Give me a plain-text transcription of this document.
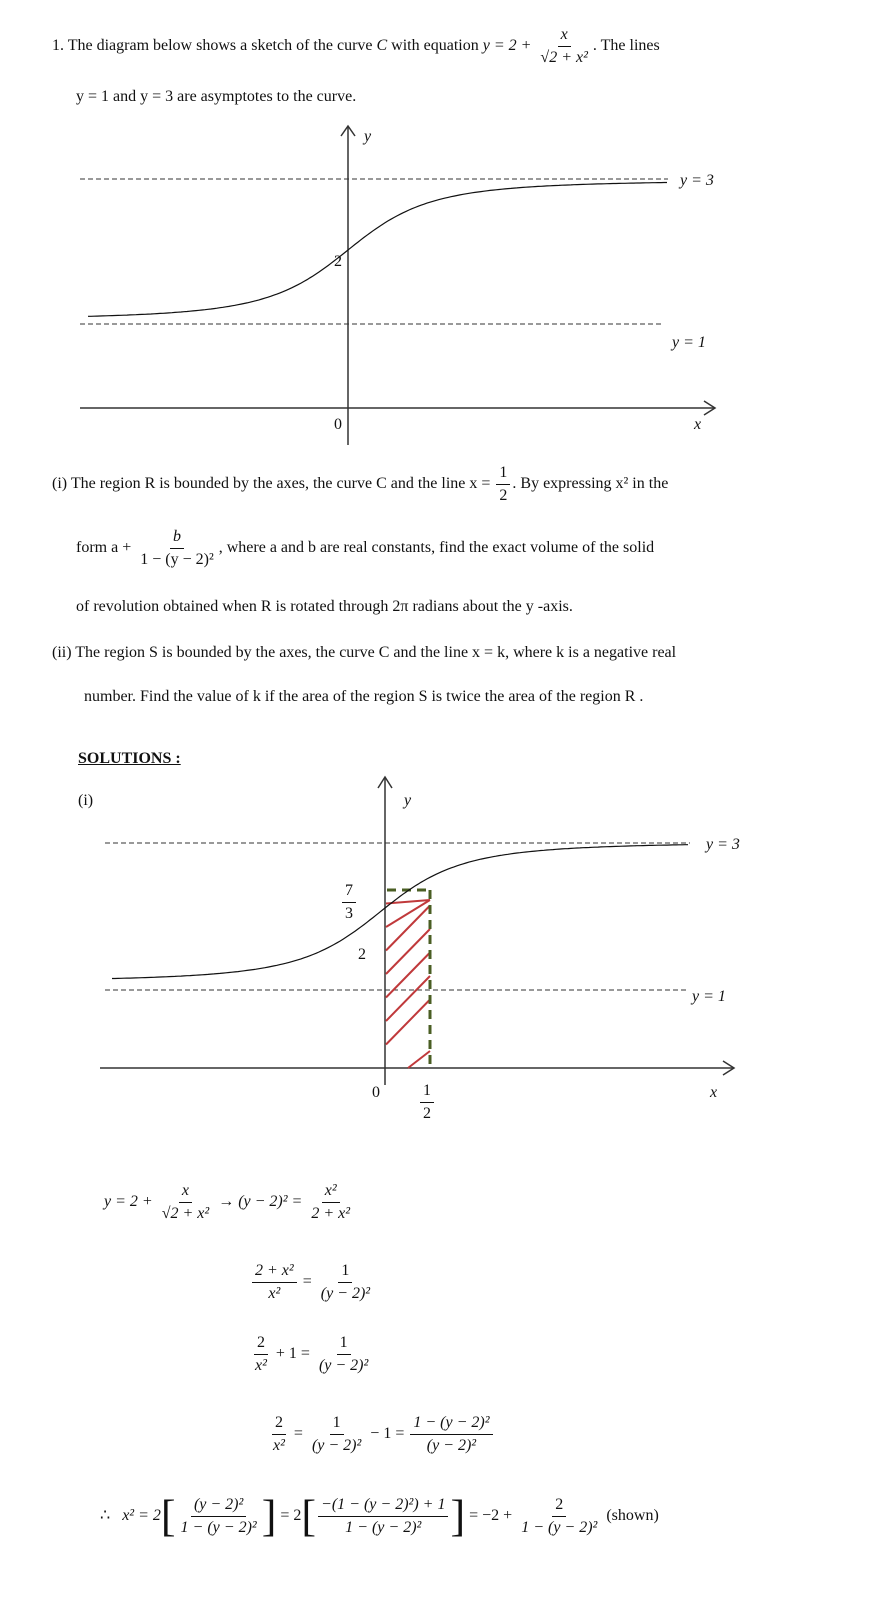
1. The diagram below shows a sketch of the curve C with equation $y = 2 + \frac{x}{\text{√2 + x²}}$ . The lines
y = 1 and y = 3 are asymptotes to the curve.
y
2
0
y = 3
y = 1
x
(i) The region R is bounded by the axes, the curve C and the line $x = \frac{1}{2}$ . By expressing x² in the
form $a + \frac{b}{\text{1 − (y − 2)²}}$ , where a and b are real constants, find the exact volume of the solid
of revolution obtained when R is rotated through 2π radians about the y -axis.
(ii) The region S is bounded by the axes, the curve C and the line x = k, where k is a negative real
number. Find the value of k if the area of the region S is twice the area of the region R .
SOLUTIONS :
(i)	y
$\frac{7}{3}$
2
y = 3
y = 1
0	$\frac{1}{2}$	x
$y = 2 + \frac{x}{\text{√2 + x²}} \to (y - 2)^2 = \frac{\text{x²}}{\text{2 + x²}}$
$\frac{\text{2 + x²}}{\text{x²}} = \frac{1}{\text{(y − 2)²}}$
$\frac{2}{\text{x²}} + 1 = \frac{1}{\text{(y − 2)²}}$
$\frac{2}{\text{x²}} = \frac{1}{\text{(y − 2)²}} - 1 = \frac{\text{1 − (y − 2)²}}{\text{(y − 2)²}}$
∴ $x^2 = 2[ \frac{\text{(y − 2)²}}{\text{1 − (y − 2)²}}$ ] = $2[ \frac{\text{−(1 − (y − 2)²) + 1}}{\text{1 − (y − 2)²}}$ ] = $-2 + \frac{2}{\text{1 − (y − 2)²}}$ (shown)
